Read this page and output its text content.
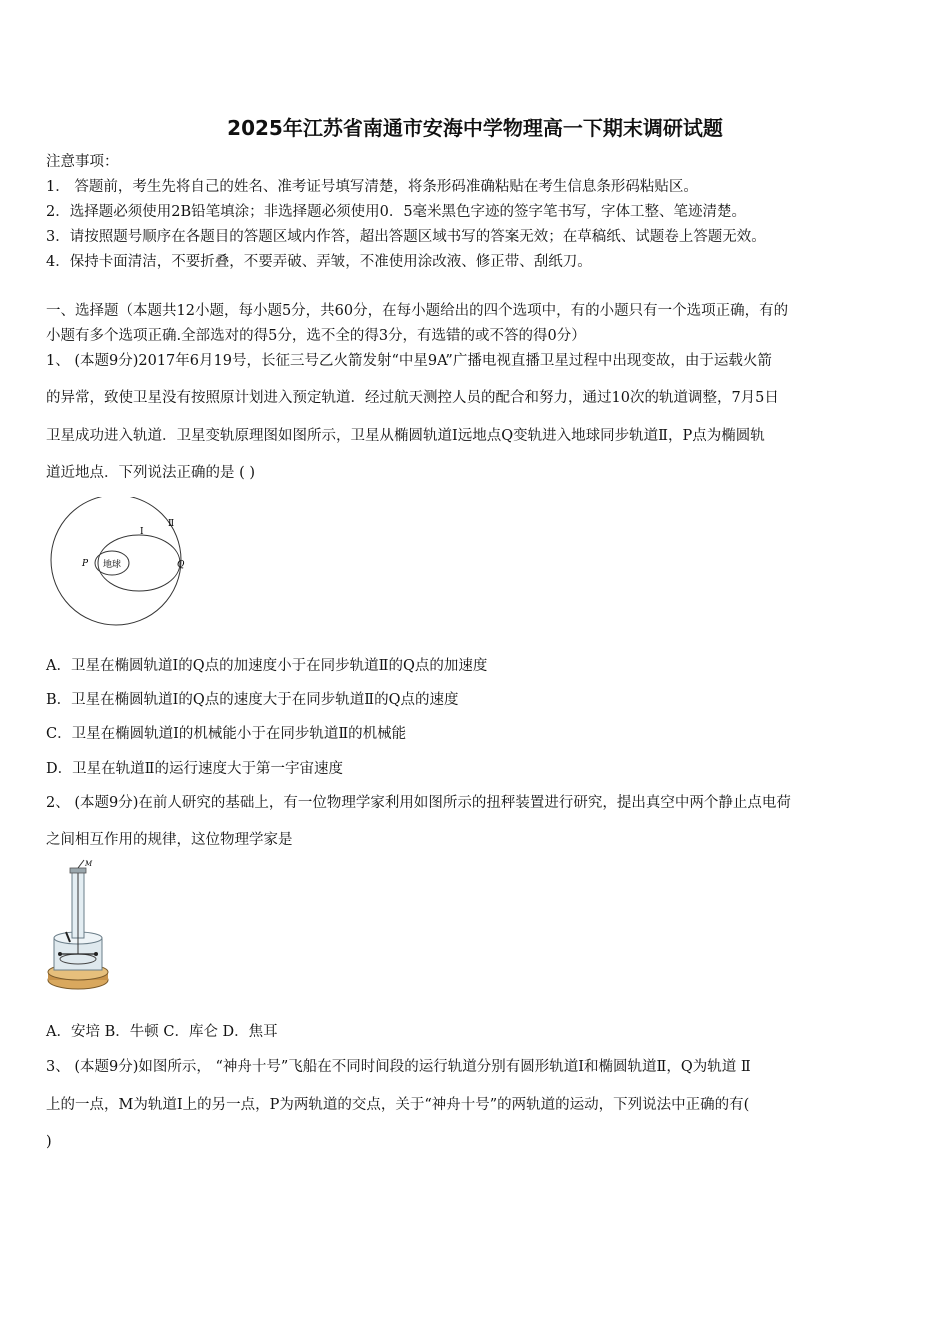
2025年江苏省南通市安海中学物理高一下期末调研试题
注意事项：
1． 答题前，考生先将自己的姓名、准考证号填写清楚，将条形码准确粘贴在考生信息条形码粘贴区。
2．选择题必须使用2B铅笔填涂；非选择题必须使用0．5毫米黑色字迹的签字笔书写，字体工整、笔迹清楚。
3．请按照题号顺序在各题目的答题区域内作答，超出答题区域书写的答案无效；在草稿纸、试题卷上答题无效。
4．保持卡面清洁，不要折叠，不要弄破、弄皱，不准使用涂改液、修正带、刮纸刀。
一、选择题（本题共12小题，每小题5分，共60分，在每小题给出的四个选项中，有的小题只有一个选项正确，有的
小题有多个选项正确.全部选对的得5分，选不全的得3分，有选错的或不答的得0分）
1、 (本题9分)2017年6月19号，长征三号乙火箭发射“中星9A”广播电视直播卫星过程中出现变故，由于运载火箭
的异常，致使卫星没有按照原计划进入预定轨道．经过航天测控人员的配合和努力，通过10次的轨道调整，7月5日
卫星成功进入轨道．卫星变轨原理图如图所示，卫星从椭圆轨道Ⅰ远地点Q变轨进入地球同步轨道Ⅱ，P点为椭圆轨
道近地点．下列说法正确的是 ( )
地球
P	Q
Ⅰ
Ⅱ
A．卫星在椭圆轨道Ⅰ的Q点的加速度小于在同步轨道Ⅱ的Q点的加速度
B．卫星在椭圆轨道Ⅰ的Q点的速度大于在同步轨道Ⅱ的Q点的速度
C．卫星在椭圆轨道Ⅰ的机械能小于在同步轨道Ⅱ的机械能
D．卫星在轨道Ⅱ的运行速度大于第一宇宙速度
2、 (本题9分)在前人研究的基础上，有一位物理学家利用如图所示的扭秤装置进行研究，提出真空中两个静止点电荷
之间相互作用的规律，这位物理学家是
M
A．安培 B．牛顿 C．库仑 D．焦耳
3、 (本题9分)如图所示， “神舟十号”飞船在不同时间段的运行轨道分别有圆形轨道Ⅰ和椭圆轨道Ⅱ，Q为轨道 Ⅱ
上的一点，M为轨道Ⅰ上的另一点，P为两轨道的交点，关于“神舟十号”的两轨道的运动，下列说法中正确的有(
)
